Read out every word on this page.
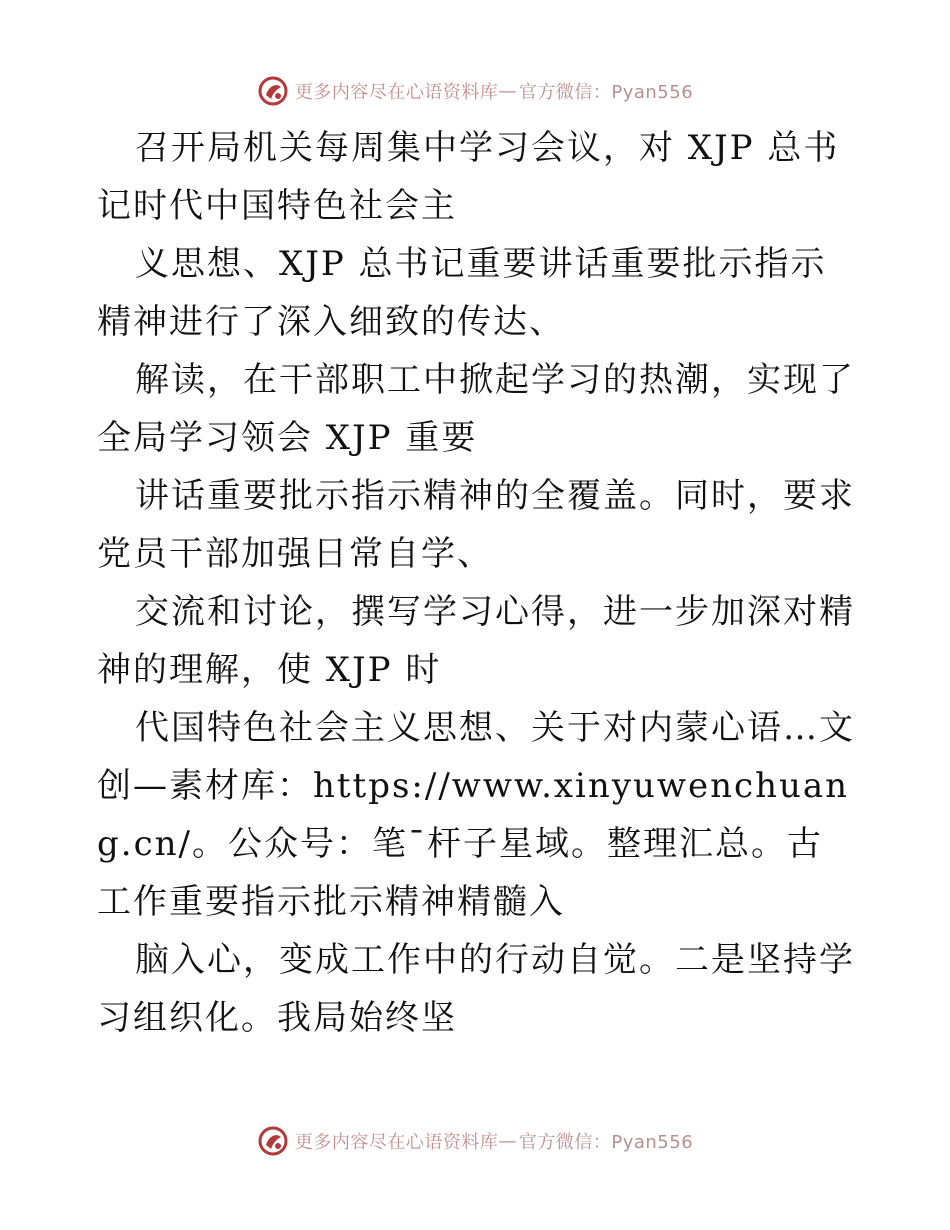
更多内容尽在心语资料库 — 官方微信：Pyan556

召开局机关每周集中学习会议，对 XJP 总书记时代中国特色社会主

义思想、XJP 总书记重要讲话重要批示指示精神进行了深入细致的传达、

解读，在干部职工中掀起学习的热潮，实现了全局学习领会 XJP 重要

讲话重要批示指示精神的全覆盖。同时，要求党员干部加强日常自学、

交流和讨论，撰写学习心得，进一步加深对精神的理解，使 XJP 时

代国特色社会主义思想、关于对内蒙心语…文创—素材库：https://www.xinyuwenchuang.cn/。公众号：笔¯杆子星域。整理汇总。古工作重要指示批示精神精髓入

脑入心，变成工作中的行动自觉。二是坚持学习组织化。我局始终坚

更多内容尽在心语资料库 — 官方微信：Pyan556
